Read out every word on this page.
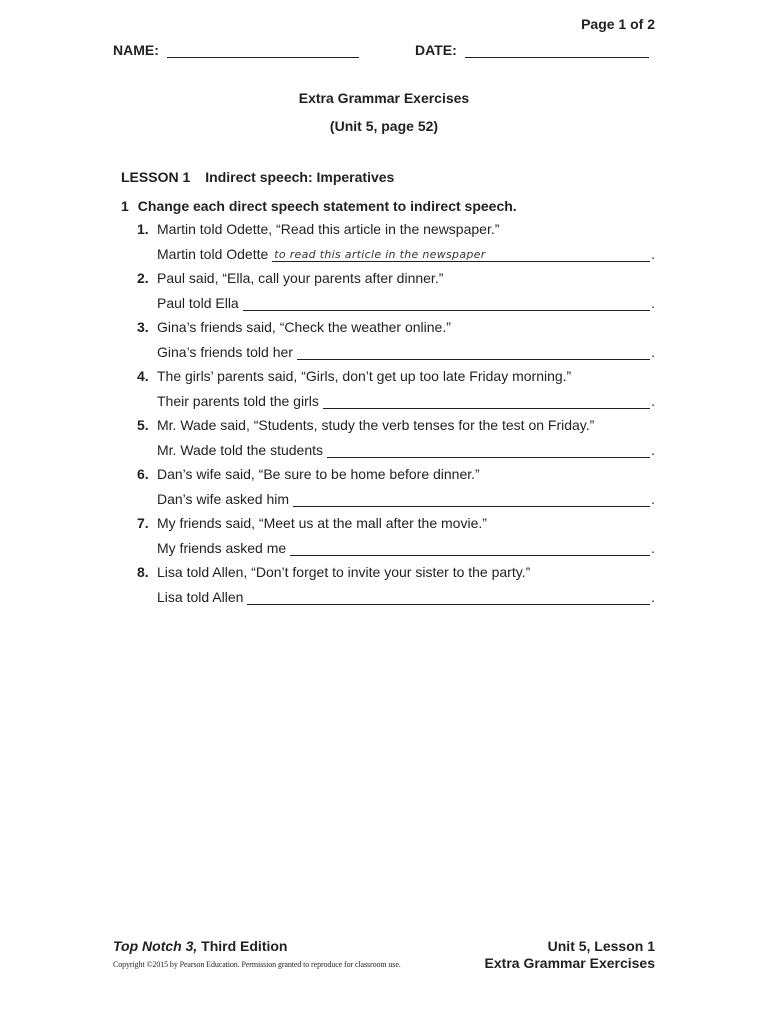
Page 1 of 2
NAME:	DATE:
Extra Grammar Exercises
(Unit 5, page 52)
LESSON 1 Indirect speech: Imperatives
1 Change each direct speech statement to indirect speech.
1. Martin told Odette, “Read this article in the newspaper.”
Martin told Odette to read this article in the newspaper	.
2. Paul said, “Ella, call your parents after dinner.”
Paul told Ella	.
3. Gina’s friends said, “Check the weather online.”
Gina’s friends told her	.
4. The girls’ parents said, “Girls, don’t get up too late Friday morning.”
Their parents told the girls	.
5. Mr. Wade said, “Students, study the verb tenses for the test on Friday.”
Mr. Wade told the students	.
6. Dan’s wife said, “Be sure to be home before dinner.”
Dan’s wife asked him	.
7. My friends said, “Meet us at the mall after the movie.”
My friends asked me	.
8. Lisa told Allen, “Don’t forget to invite your sister to the party.”
Lisa told Allen	.
Top Notch 3, Third Edition
Copyright ©2015 by Pearson Education. Permission granted to reproduce for classroom use.
Unit 5, Lesson 1
Extra Grammar Exercises
